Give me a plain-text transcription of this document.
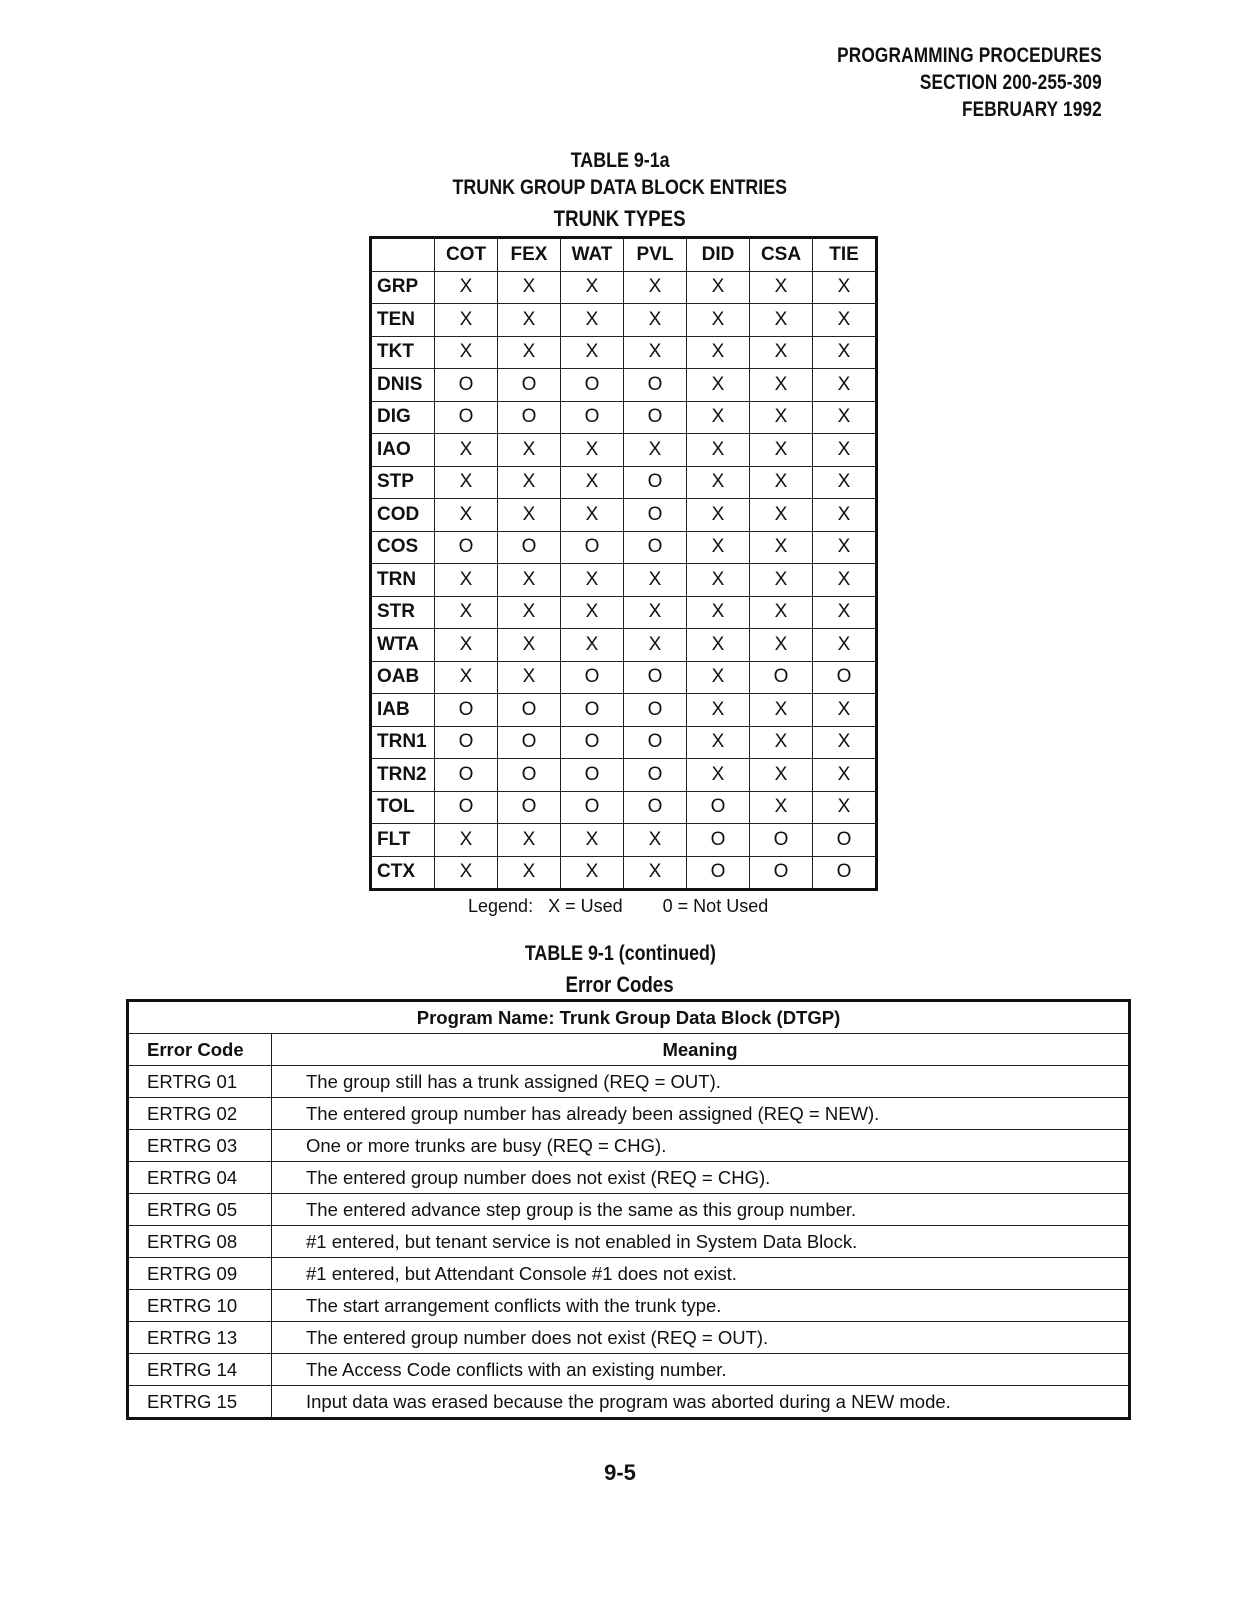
PROGRAMMING PROCEDURES
SECTION 200-255-309
FEBRUARY 1992
TABLE 9-1a
TRUNK GROUP DATA BLOCK ENTRIES
TRUNK TYPES
	COT	FEX	WAT	PVL	DID	CSA	TIE
GRP	X	X	X	X	X	X	X
TEN	X	X	X	X	X	X	X
TKT	X	X	X	X	X	X	X
DNIS	O	O	O	O	X	X	X
DIG	O	O	O	O	X	X	X
IAO	X	X	X	X	X	X	X
STP	X	X	X	O	X	X	X
COD	X	X	X	O	X	X	X
COS	O	O	O	O	X	X	X
TRN	X	X	X	X	X	X	X
STR	X	X	X	X	X	X	X
WTA	X	X	X	X	X	X	X
OAB	X	X	O	O	X	O	O
IAB	O	O	O	O	X	X	X
TRN1	O	O	O	O	X	X	X
TRN2	O	O	O	O	X	X	X
TOL	O	O	O	O	O	X	X
FLT	X	X	X	X	O	O	O
CTX	X	X	X	X	O	O	O
Legend: X = Used 0 = Not Used
TABLE 9-1 (continued)
Error Codes
Program Name: Trunk Group Data Block (DTGP)	
Error Code	Meaning
ERTRG 01	The group still has a trunk assigned (REQ = OUT).
ERTRG 02	The entered group number has already been assigned (REQ = NEW).
ERTRG 03	One or more trunks are busy (REQ = CHG).
ERTRG 04	The entered group number does not exist (REQ = CHG).
ERTRG 05	The entered advance step group is the same as this group number.
ERTRG 08	#1 entered, but tenant service is not enabled in System Data Block.
ERTRG 09	#1 entered, but Attendant Console #1 does not exist.
ERTRG 10	The start arrangement conflicts with the trunk type.
ERTRG 13	The entered group number does not exist (REQ = OUT).
ERTRG 14	The Access Code conflicts with an existing number.
ERTRG 15	Input data was erased because the program was aborted during a NEW mode.
9-5
